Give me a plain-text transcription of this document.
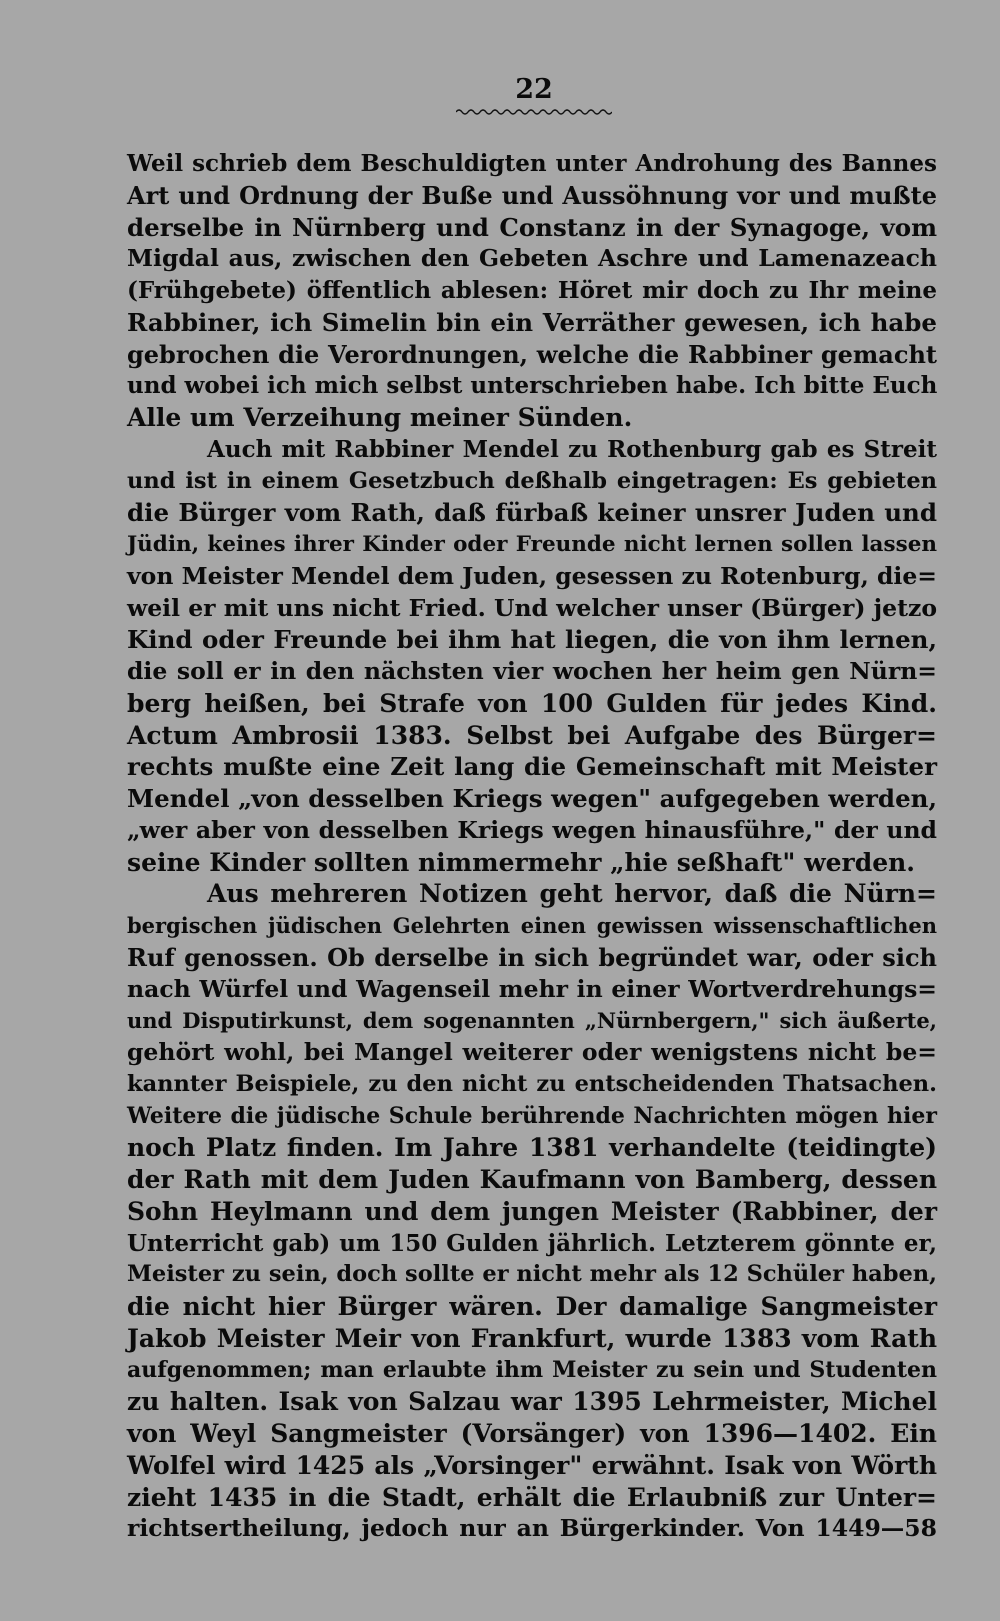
22
Weil schrieb dem Beschuldigten unter Androhung des Bannes
Art und Ordnung der Buße und Aussöhnung vor und mußte
derselbe in Nürnberg und Constanz in der Synagoge, vom
Migdal aus, zwischen den Gebeten Aschre und Lamenazeach
(Frühgebete) öffentlich ablesen: Höret mir doch zu Ihr meine
Rabbiner, ich Simelin bin ein Verräther gewesen, ich habe
gebrochen die Verordnungen, welche die Rabbiner gemacht
und wobei ich mich selbst unterschrieben habe. Ich bitte Euch
Alle um Verzeihung meiner Sünden.
Auch mit Rabbiner Mendel zu Rothenburg gab es Streit
und ist in einem Gesetzbuch deßhalb eingetragen: Es gebieten
die Bürger vom Rath, daß fürbaß keiner unsrer Juden und
Jüdin, keines ihrer Kinder oder Freunde nicht lernen sollen lassen
von Meister Mendel dem Juden, gesessen zu Rotenburg, die=
weil er mit uns nicht Fried. Und welcher unser (Bürger) jetzo
Kind oder Freunde bei ihm hat liegen, die von ihm lernen,
die soll er in den nächsten vier wochen her heim gen Nürn=
berg heißen, bei Strafe von 100 Gulden für jedes Kind.
Actum Ambrosii 1383. Selbst bei Aufgabe des Bürger=
rechts mußte eine Zeit lang die Gemeinschaft mit Meister
Mendel „von desselben Kriegs wegen" aufgegeben werden,
„wer aber von desselben Kriegs wegen hinausführe," der und
seine Kinder sollten nimmermehr „hie seßhaft" werden.
Aus mehreren Notizen geht hervor, daß die Nürn=
bergischen jüdischen Gelehrten einen gewissen wissenschaftlichen
Ruf genossen. Ob derselbe in sich begründet war, oder sich
nach Würfel und Wagenseil mehr in einer Wortverdrehungs=
und Disputirkunst, dem sogenannten „Nürnbergern," sich äußerte,
gehört wohl, bei Mangel weiterer oder wenigstens nicht be=
kannter Beispiele, zu den nicht zu entscheidenden Thatsachen.
Weitere die jüdische Schule berührende Nachrichten mögen hier
noch Platz finden. Im Jahre 1381 verhandelte (teidingte)
der Rath mit dem Juden Kaufmann von Bamberg, dessen
Sohn Heylmann und dem jungen Meister (Rabbiner, der
Unterricht gab) um 150 Gulden jährlich. Letzterem gönnte er,
Meister zu sein, doch sollte er nicht mehr als 12 Schüler haben,
die nicht hier Bürger wären. Der damalige Sangmeister
Jakob Meister Meir von Frankfurt, wurde 1383 vom Rath
aufgenommen; man erlaubte ihm Meister zu sein und Studenten
zu halten. Isak von Salzau war 1395 Lehrmeister, Michel
von Weyl Sangmeister (Vorsänger) von 1396—1402. Ein
Wolfel wird 1425 als „Vorsinger" erwähnt. Isak von Wörth
zieht 1435 in die Stadt, erhält die Erlaubniß zur Unter=
richtsertheilung, jedoch nur an Bürgerkinder. Von 1449—58
